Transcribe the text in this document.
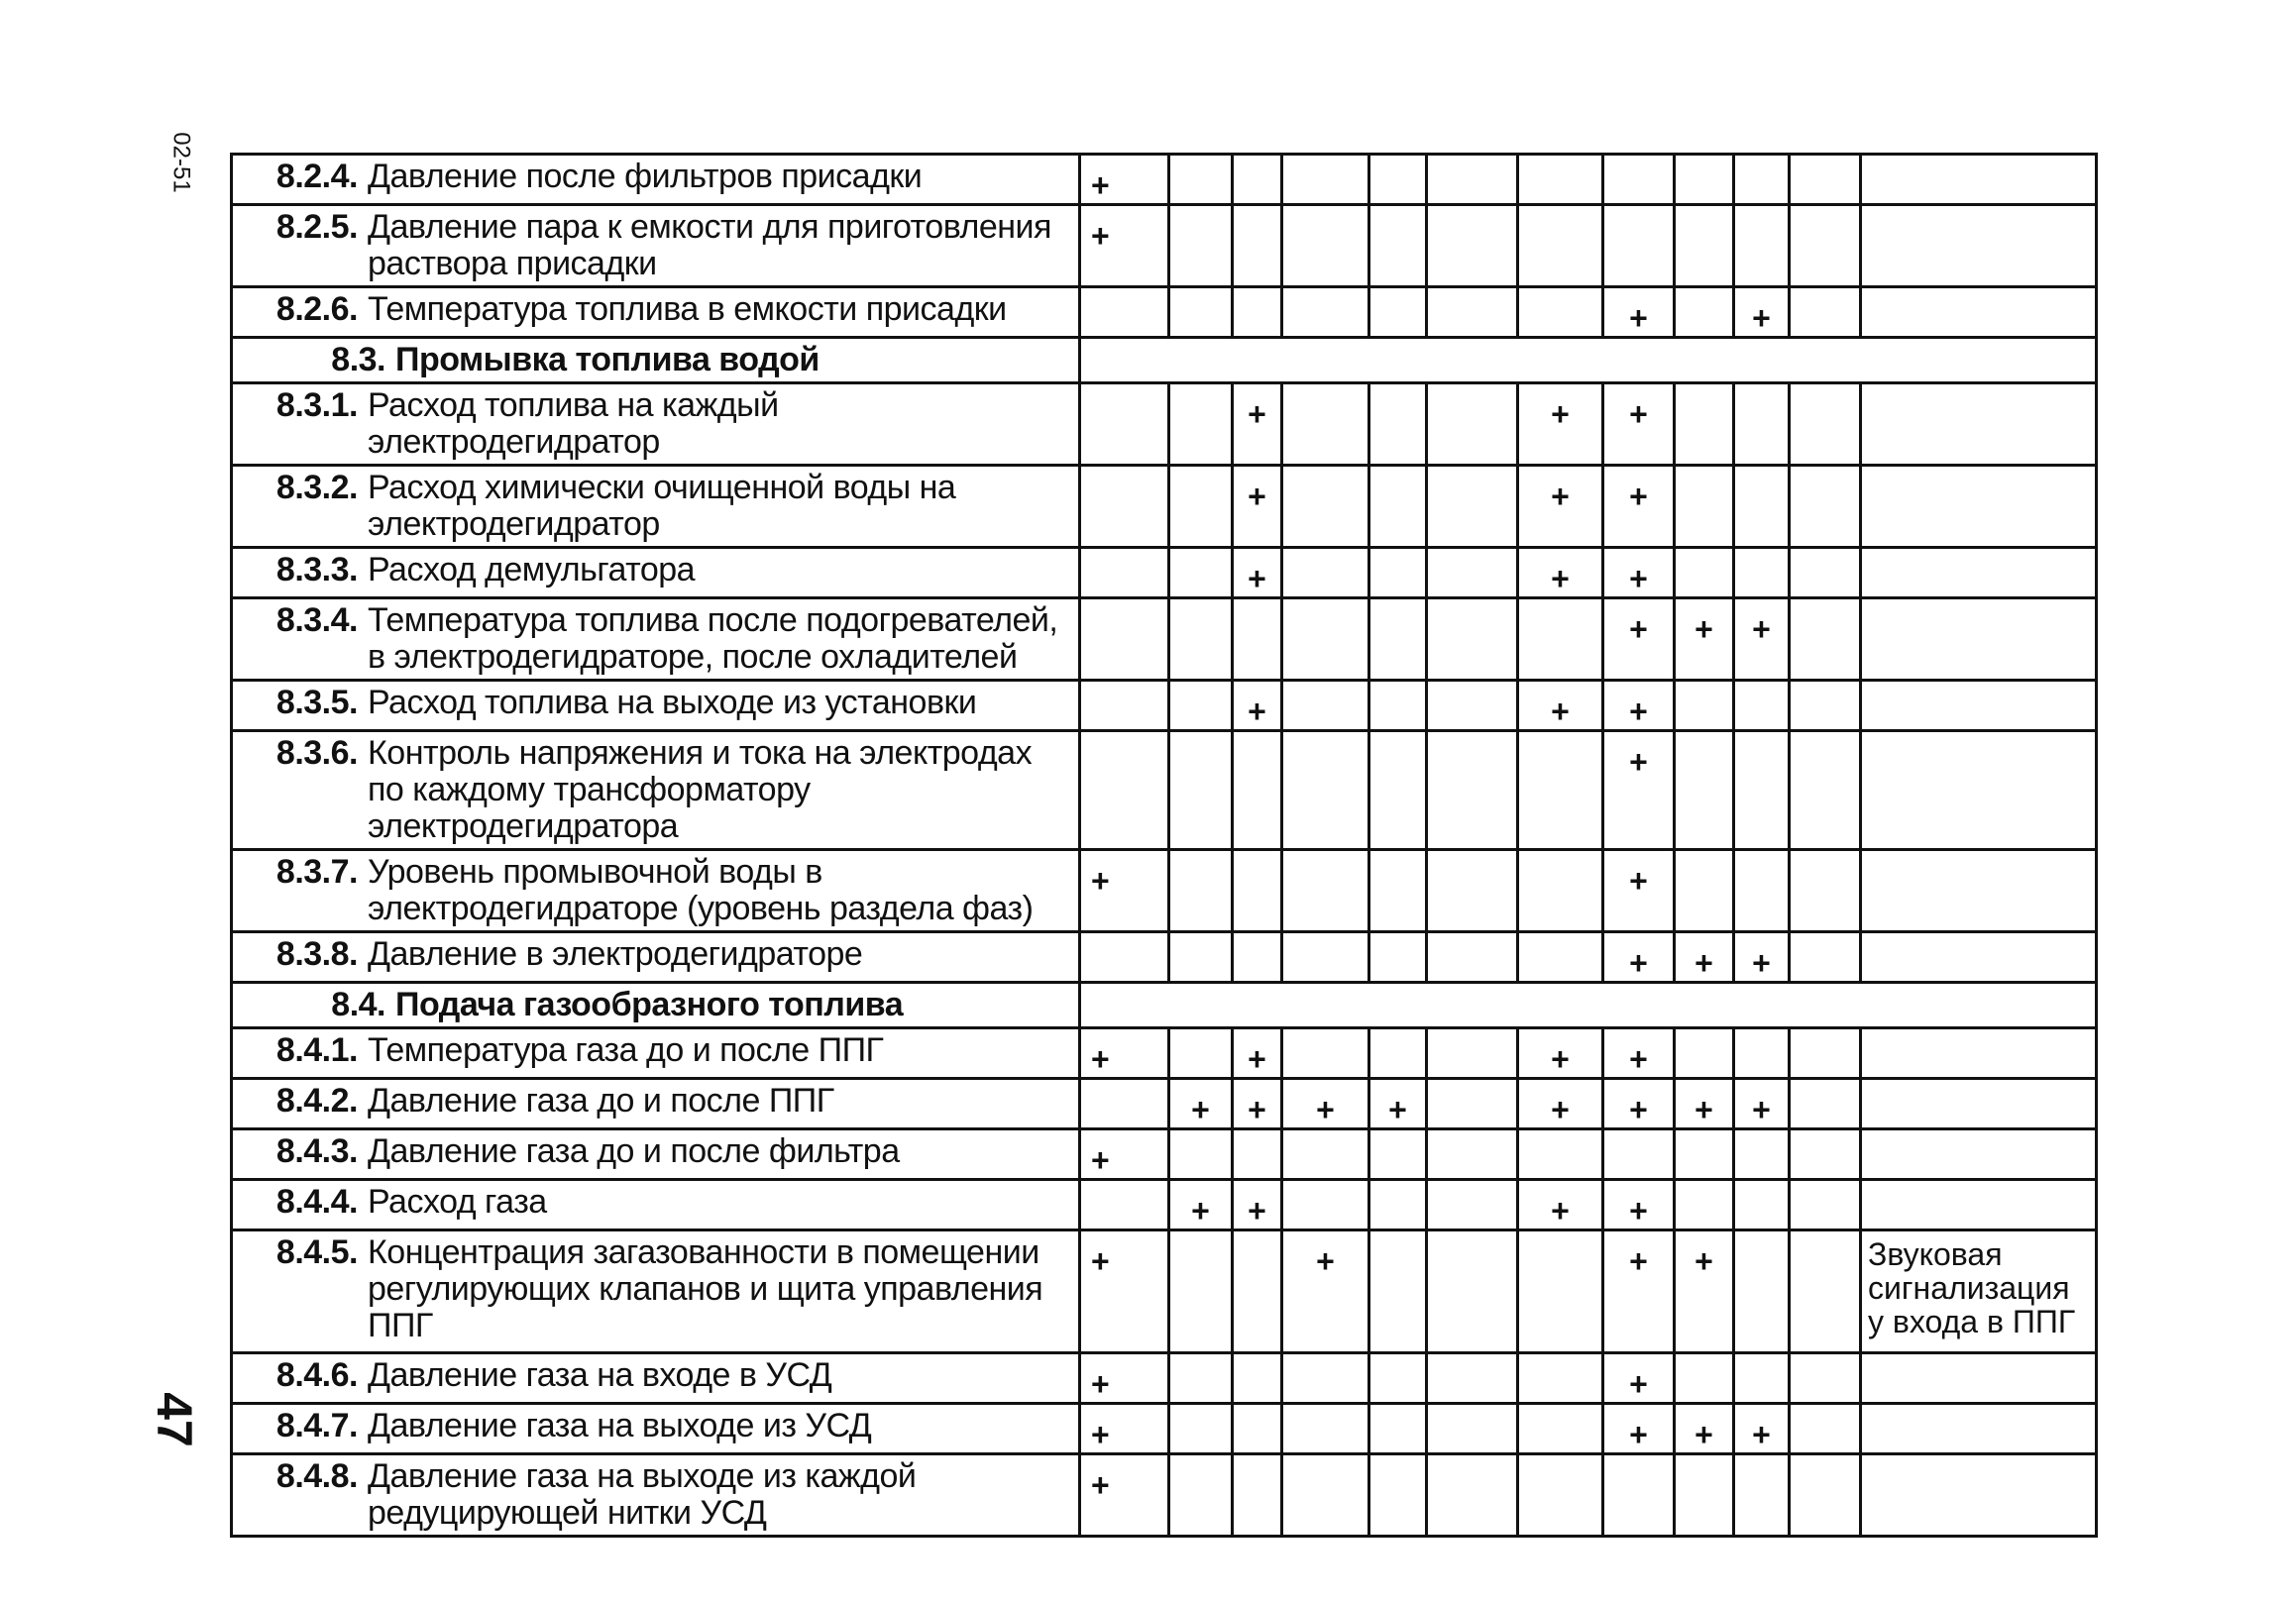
02-51
47
8.2.4. Давление после фильтров присадки	+											

8.2.5. Давление пара к емкости для приготовления раствора присадки	+											

8.2.6. Температура топлива в емкости присадки								+		+		

8.3. Промывка топлива водой												

8.3.1. Расход топлива на каждый электродегидратор			+				+	+				

8.3.2. Расход химически очищенной воды на электродегидратор			+				+	+				

8.3.3. Расход демульгатора			+				+	+				

8.3.4. Температура топлива после подогревателей, в электродегидраторе, после охладителей								+	+	+		

8.3.5. Расход топлива на выходе из установки			+				+	+				

8.3.6. Контроль напряжения и тока на электродах по каждому трансформатору электродегидратора								+				

8.3.7. Уровень промывочной воды в электродегидраторе (уровень раздела фаз)	+							+				

8.3.8. Давление в электродегидраторе								+	+	+		

8.4. Подача газообразного топлива												

8.4.1. Температура газа до и после ППГ	+		+				+	+				

8.4.2. Давление газа до и после ППГ		+	+	+	+		+	+	+	+		

8.4.3. Давление газа до и после фильтра	+											

8.4.4. Расход газа		+	+				+	+				

8.4.5. Концентрация загазованности в помещении регулирующих клапанов и щита управления ППГ	+			+				+	+			Звуковая сигнализация у входа в ППГ

8.4.6. Давление газа на входе в УСД	+							+				

8.4.7. Давление газа на выходе из УСД	+							+	+	+		

8.4.8. Давление газа на выходе из каждой редуцирующей нитки УСД	+											
